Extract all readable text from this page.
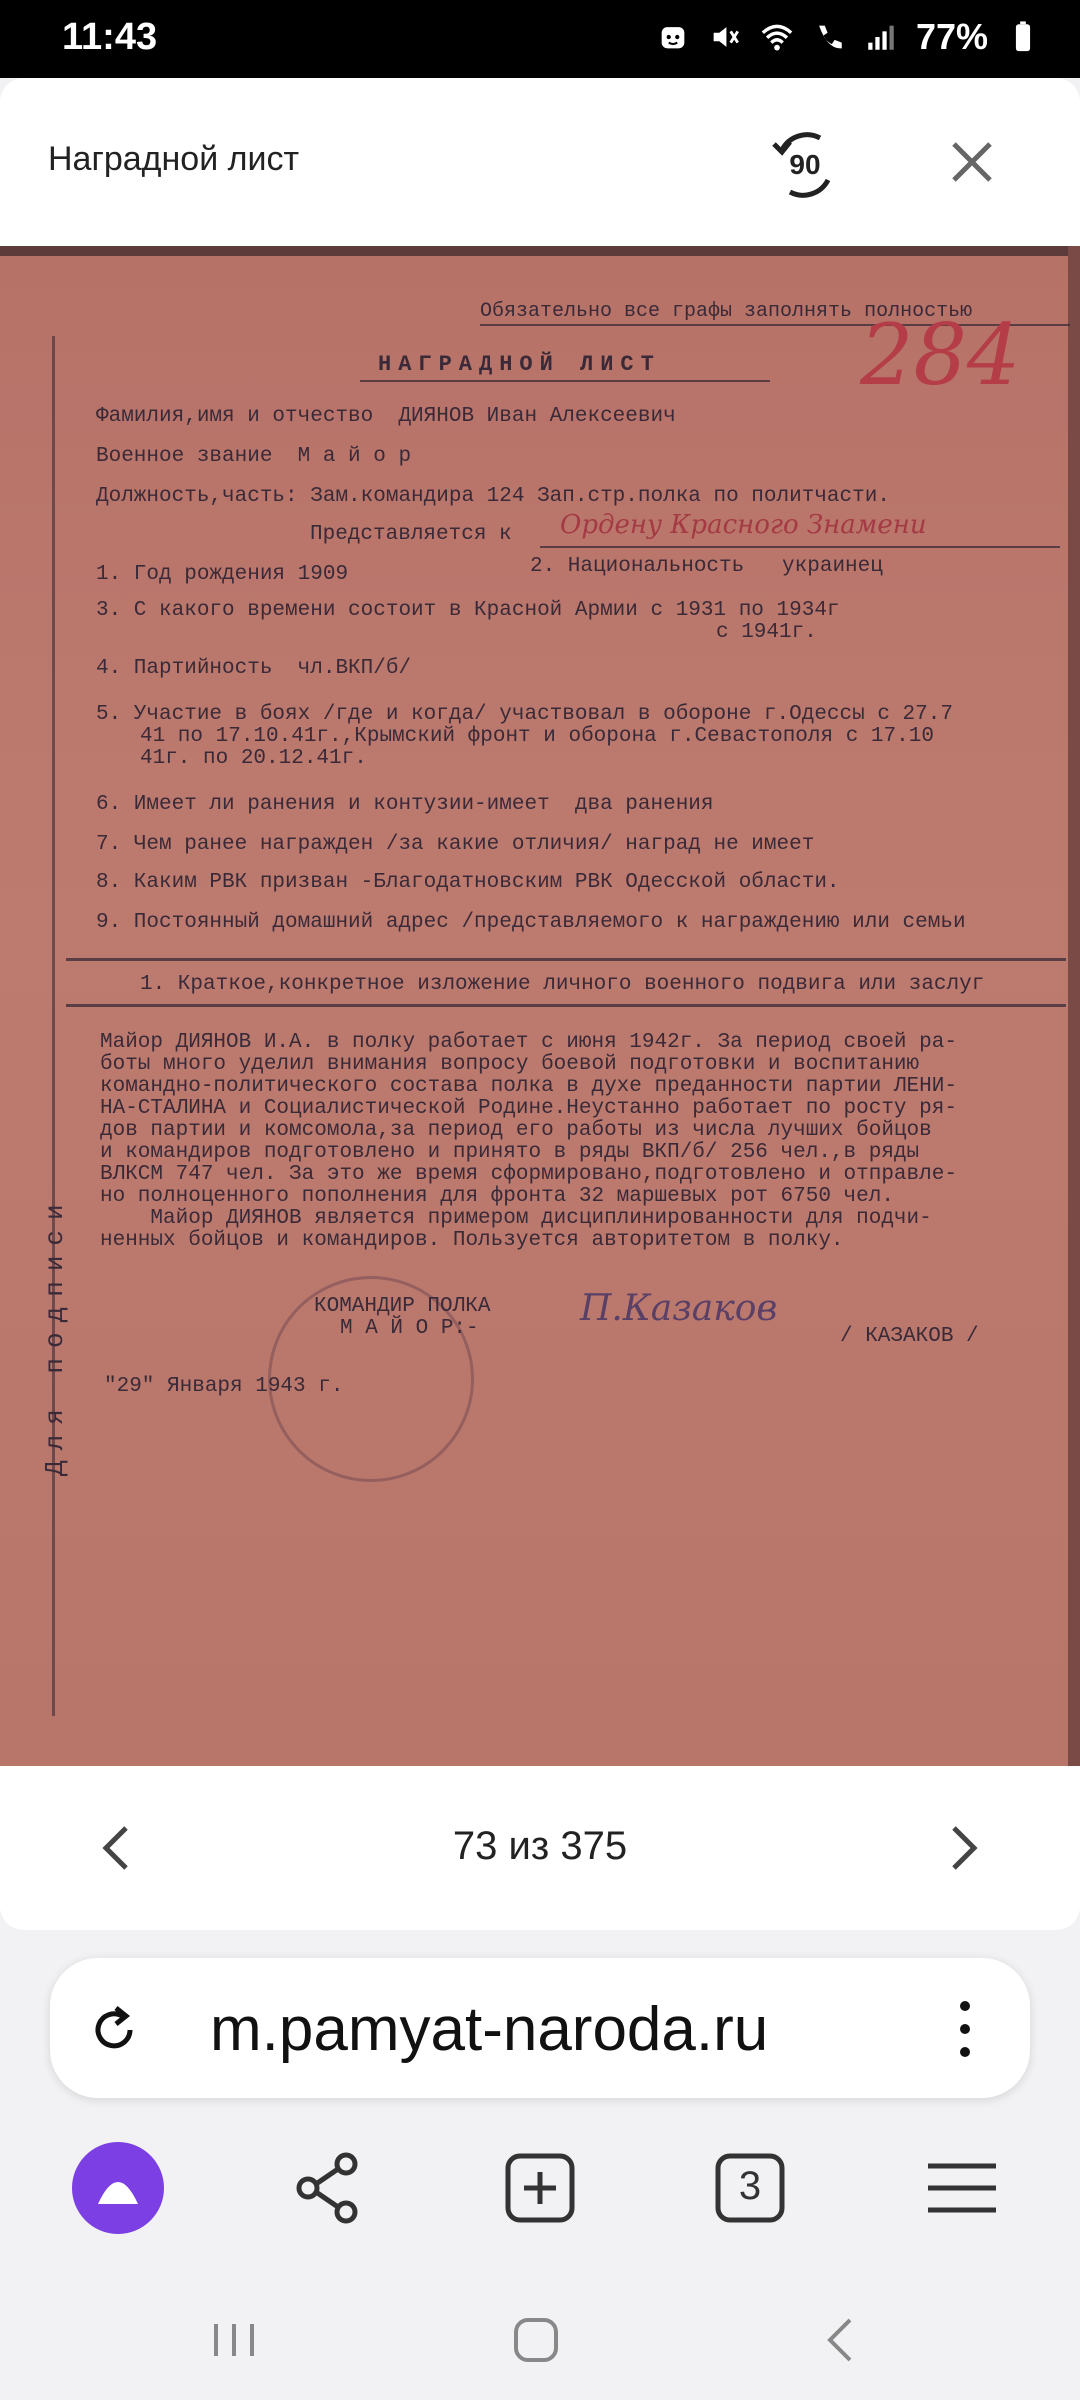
11:43	77%
Наградной лист	90
Обязательно все графы заполнять полностью
НАГРАДНОЙ ЛИСТ 284
Фамилия,имя и отчество  ДИЯНОВ Иван Алексеевич
Военное звание  М а й о р
Должность,часть: Зам.командира 124 Зап.стр.полка по политчасти.
Представляется к Ордену Красного Знамени
1. Год рождения 1909	2. Национальность   украинец
3. С какого времени состоит в Красной Армии с 1931 по 1934г
с 1941г.
4. Партийность  чл.ВКП/б/
5. Участие в боях /где и когда/ участвовал в обороне г.Одессы с 27.7
41 по 17.10.41г.,Крымский фронт и оборона г.Севастополя с 17.10
41г. по 20.12.41г.
6. Имеет ли ранения и контузии-имеет  два ранения
7. Чем ранее награжден /за какие отличия/ наград не имеет
8. Каким РВК призван -Благодатновским РВК Одесской области.
9. Постоянный домашний адрес /представляемого к награждению или семьи
1. Краткое,конкретное изложение личного военного подвига или заслуг
Майор ДИЯНОВ И.А. в полку работает с июня 1942г. За период своей ра-
боты много уделил внимания вопросу боевой подготовки и воспитанию
командно-политического состава полка в духе преданности партии ЛЕНИ-
НА-СТАЛИНА и Социалистической Родине.Неустанно работает по росту ря-
дов партии и комсомола,за период его работы из числа лучших бойцов
и командиров подготовлено и принято в ряды ВКП/б/ 256 чел.,в ряды
ВЛКСМ 747 чел. За это же время сформировано,подготовлено и отправле-
но полноценного пополнения для фронта 32 маршевых рот 6750 чел.
Майор ДИЯНОВ является примером дисциплинированности для подчи-
ненных бойцов и командиров. Пользуется авторитетом в полку.
КОМАНДИР ПОЛКА
М А Й О Р:-	П.Казаков
/ КАЗАКОВ /
"29" Января 1943 г.
Для подписи
73 из 375
m.pamyat-naroda.ru
3
